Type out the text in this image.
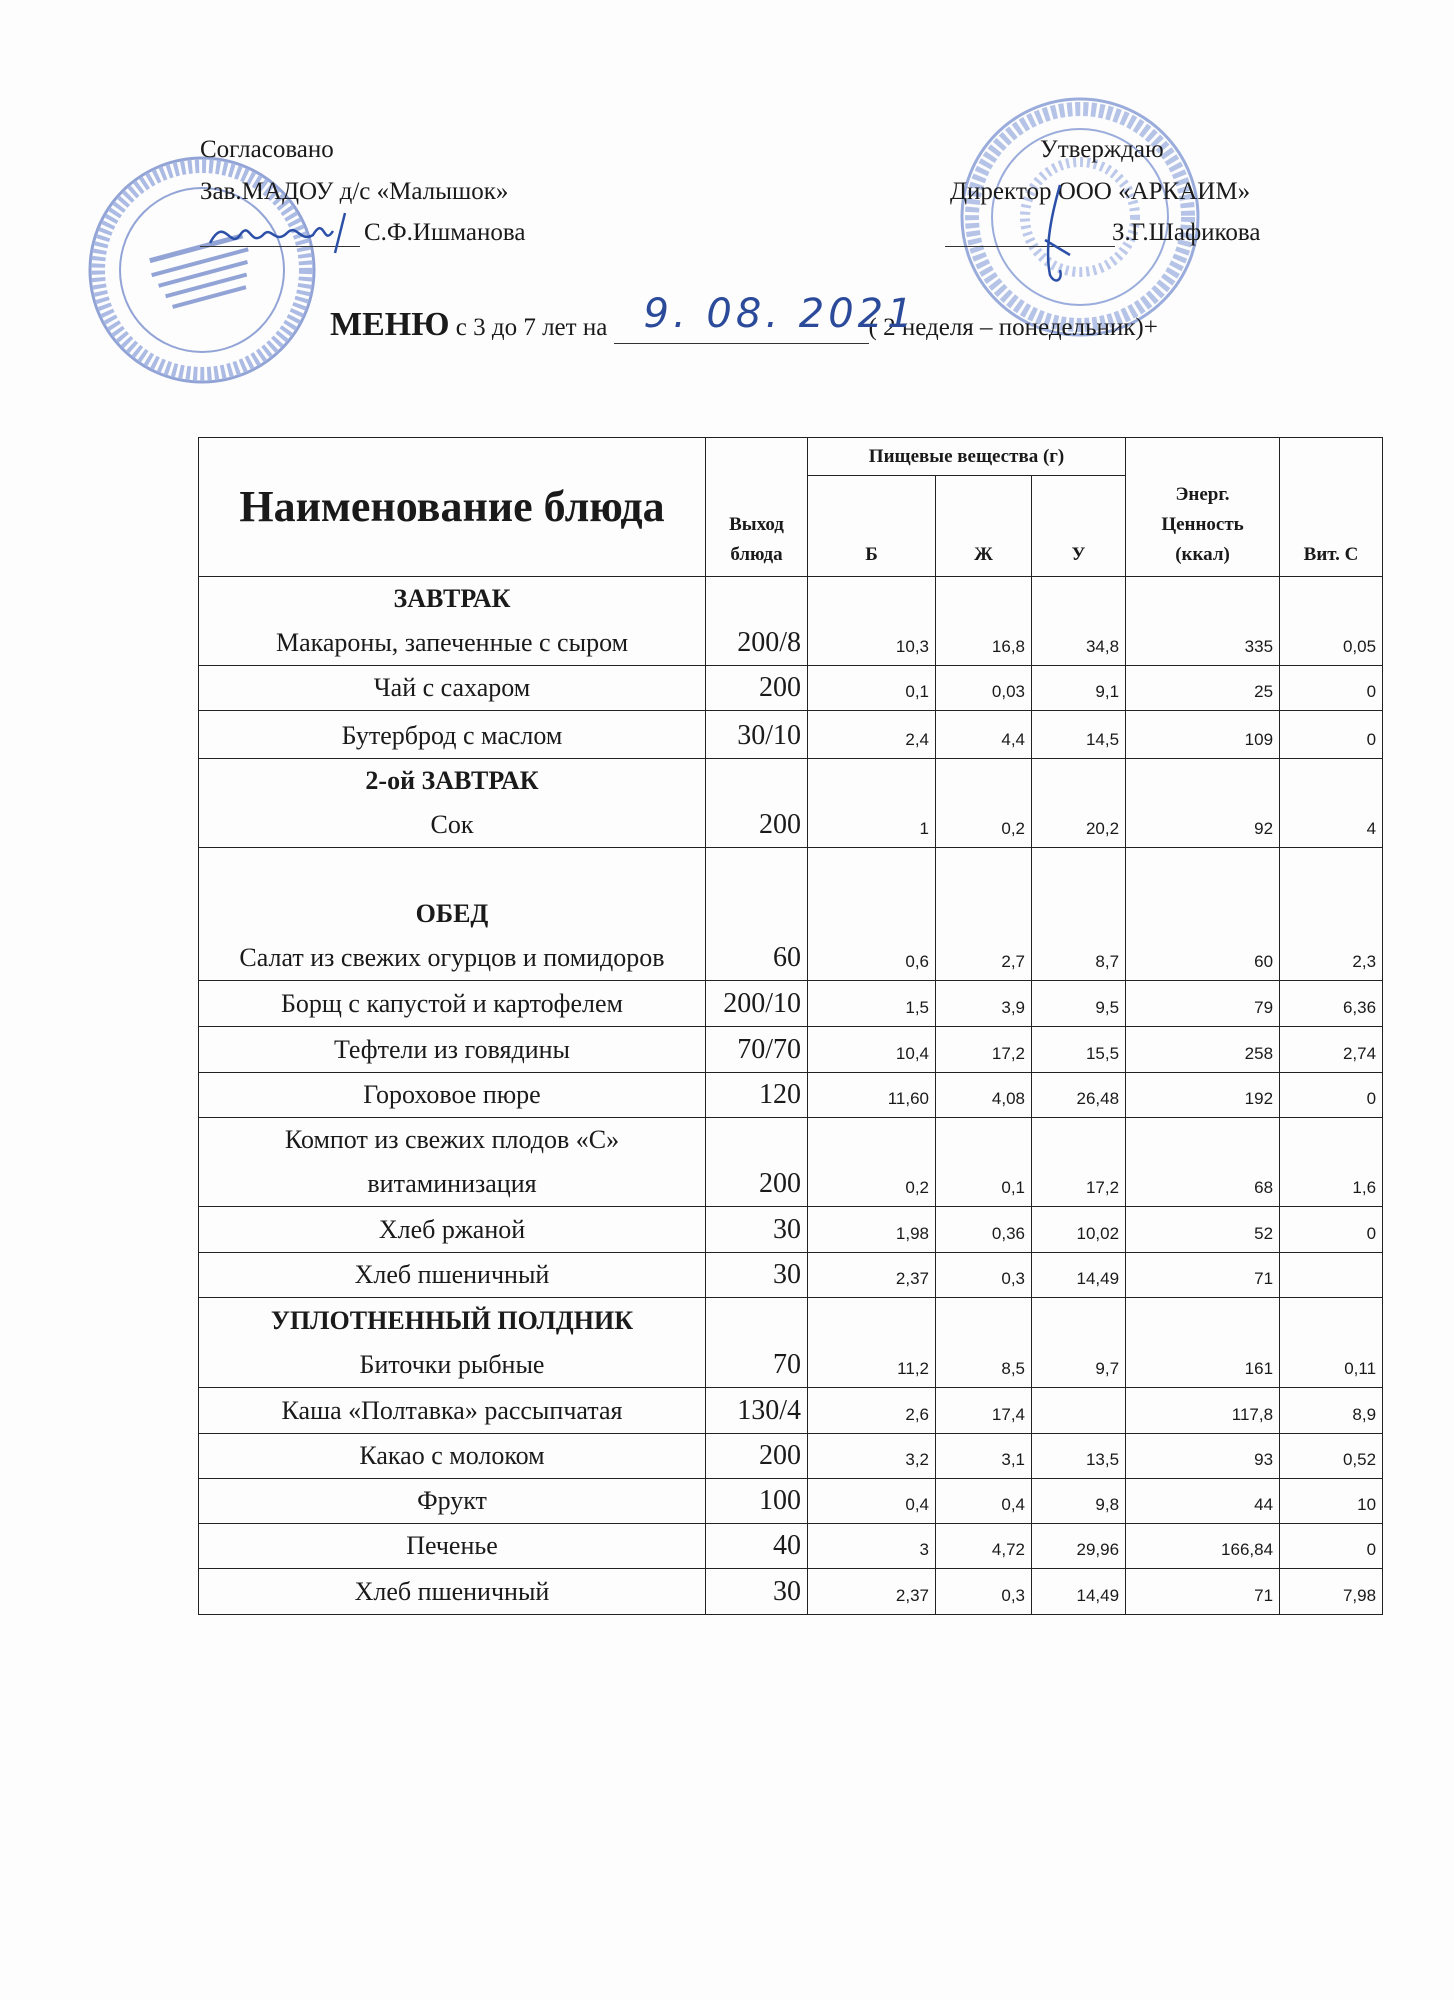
Согласовано
Зав.МАДОУ д/с «Малышок»
С.Ф.Ишманова
Утверждаю
Директор ООО «АРКАИМ»
З.Г.Шафикова
МЕНЮ с 3 до 7 лет на 9. 08. 2021
( 2 неделя – понедельник)+
Наименование блюда	Выход блюда	Пищевые вещества (г)			Энерг. Ценность (ккал)	Вит. С
		Б	Ж	У		

ЗАВТРАК
Макароны, запеченные с сыром	200/8	10,3	16,8	34,8	335	0,05

Чай с сахаром	200	0,1	0,03	9,1	25	0

Бутерброд с маслом	30/10	2,4	4,4	14,5	109	0

2-ой ЗАВТРАК
Сок	200	1	0,2	20,2	92	4

ОБЕД
Салат из свежих огурцов и помидоров	60	0,6	2,7	8,7	60	2,3

Борщ с капустой и картофелем	200/10	1,5	3,9	9,5	79	6,36

Тефтели из говядины	70/70	10,4	17,2	15,5	258	2,74

Гороховое пюре	120	11,60	4,08	26,48	192	0

Компот из свежих плодов «С» витаминизация	200	0,2	0,1	17,2	68	1,6

Хлеб ржаной	30	1,98	0,36	10,02	52	0

Хлеб пшеничный	30	2,37	0,3	14,49	71	

УПЛОТНЕННЫЙ ПОЛДНИК
Биточки рыбные	70	11,2	8,5	9,7	161	0,11

Каша «Полтавка» рассыпчатая	130/4	2,6	17,4		117,8	8,9

Какао с молоком	200	3,2	3,1	13,5	93	0,52

Фрукт	100	0,4	0,4	9,8	44	10

Печенье	40	3	4,72	29,96	166,84	0

Хлеб пшеничный	30	2,37	0,3	14,49	71	7,98
